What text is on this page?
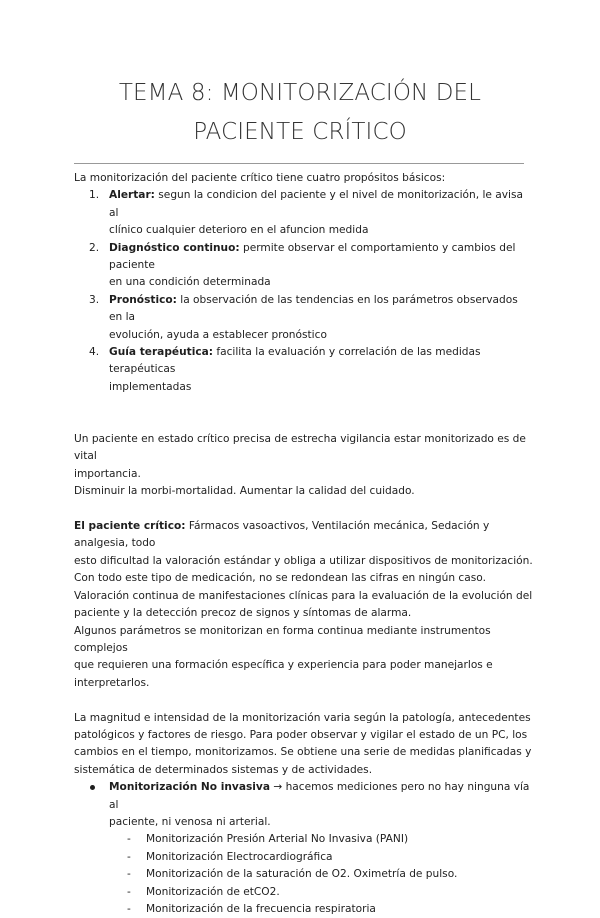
TEMA 8: MONITORIZACIÓN DEL
PACIENTE CRÍTICO

La monitorización del paciente crítico tiene cuatro propósitos básicos:

1. Alertar: segun la condicion del paciente y el nivel de monitorización, le avisa al
clínico cualquier deterioro en el afuncion medida
2. Diagnóstico continuo: permite observar el comportamiento y cambios del paciente
en una condición determinada
3. Pronóstico: la observación de las tendencias en los parámetros observados en la
evolución, ayuda a establecer pronóstico
4. Guía terapéutica: facilita la evaluación y correlación de las medidas terapéuticas
implementadas

Un paciente en estado crítico precisa de estrecha vigilancia estar monitorizado es de vital
importancia.
Disminuir la morbi-mortalidad. Aumentar la calidad del cuidado.

El paciente crítico: Fármacos vasoactivos, Ventilación mecánica, Sedación y analgesia, todo
esto dificultad la valoración estándar y obliga a utilizar dispositivos de monitorización.
Con todo este tipo de medicación, no se redondean las cifras en ningún caso.
Valoración continua de manifestaciones clínicas para la evaluación de la evolución del
paciente y la detección precoz de signos y síntomas de alarma.
Algunos parámetros se monitorizan en forma continua mediante instrumentos complejos
que requieren una formación específica y experiencia para poder manejarlos e
interpretarlos.

La magnitud e intensidad de la monitorización varia según la patología, antecedentes
patológicos y factores de riesgo. Para poder observar y vigilar el estado de un PC, los
cambios en el tiempo, monitorizamos. Se obtiene una serie de medidas planificadas y
sistemática de determinados sistemas y de actividades.

Monitorización No invasiva → hacemos mediciones pero no hay ninguna vía al
paciente, ni venosa ni arterial.
- Monitorización Presión Arterial No Invasiva (PANI)
- Monitorización Electrocardiográfica
- Monitorización de la saturación de O2. Oximetría de pulso.
- Monitorización de etCO2.
- Monitorización de la frecuencia respiratoria
